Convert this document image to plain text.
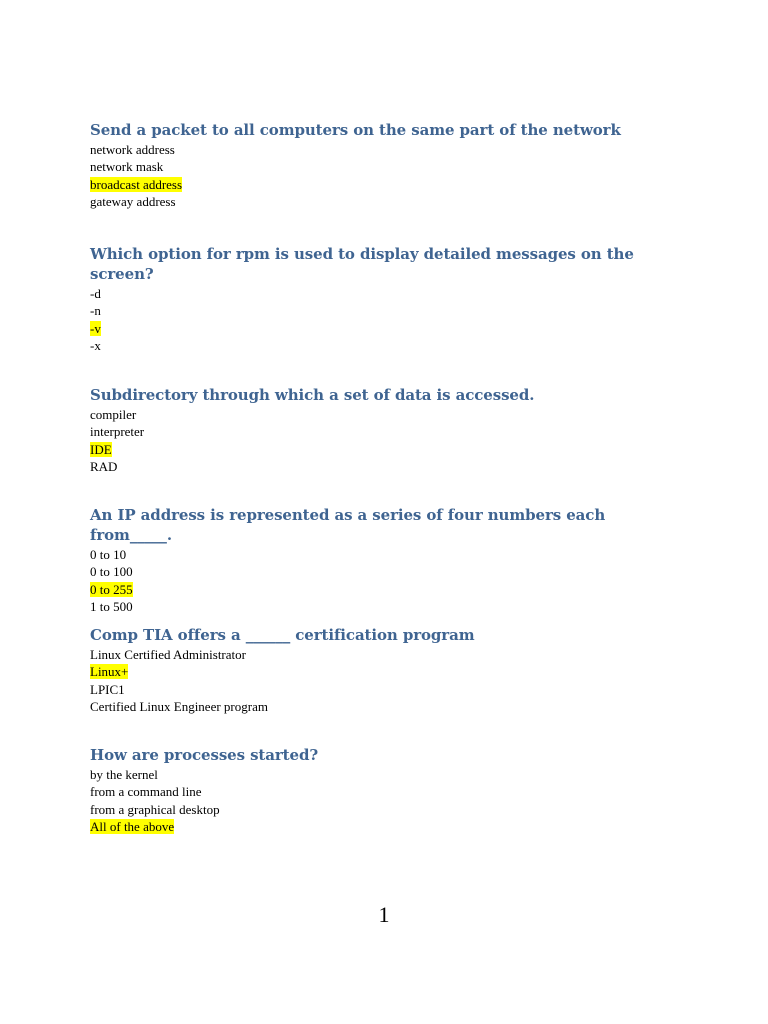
Send a packet to all computers on the same part of the network
network address
network mask
broadcast address
gateway address
Which option for rpm is used to display detailed messages on the screen?
-d
-n
-v
-x
Subdirectory through which a set of data is accessed.
compiler
interpreter
IDE
RAD
An IP address is represented as a series of four numbers each from_____.
0 to 10
0 to 100
0 to 255
1 to 500
Comp TIA offers a ______ certification program
Linux Certified Administrator
Linux+
LPIC1
Certified Linux Engineer program
How are processes started?
by the kernel
from a command line
from a graphical desktop
All of the above
1
